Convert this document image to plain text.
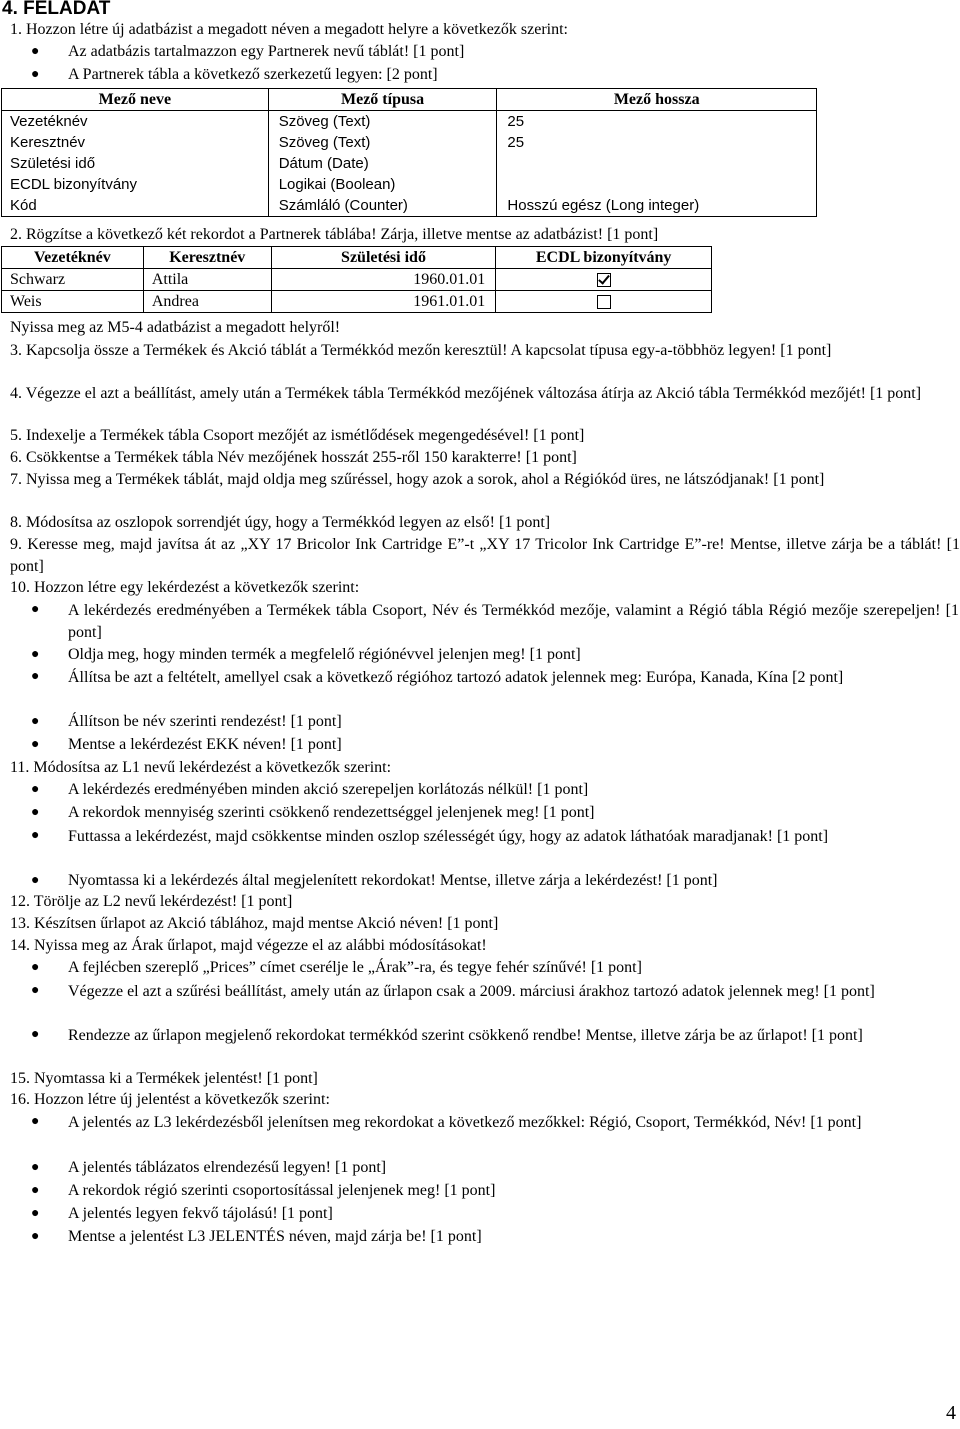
4. FELADAT
1. Hozzon létre új adatbázist a megadott néven a megadott helyre a következők szerint:
● Az adatbázis tartalmazzon egy Partnerek nevű táblát! [1 pont]
● A Partnerek tábla a következő szerkezetű legyen: [2 pont]
Mező neve	Mező típusa	Mező hossza
Vezetéknév	Szöveg (Text)	25
Keresztnév	Szöveg (Text)	25
Születési idő	Dátum (Date)	
ECDL bizonyítvány	Logikai (Boolean)	
Kód	Számláló (Counter)	Hosszú egész (Long integer)
2. Rögzítse a következő két rekordot a Partnerek táblába! Zárja, illetve mentse az adatbázist! [1 pont]
Vezetéknév	Keresztnév	Születési idő	ECDL bizonyítvány
Schwarz	Attila	1960.01.01	
Weis	Andrea	1961.01.01	
Nyissa meg az M5-4 adatbázist a megadott helyről!
3. Kapcsolja össze a Termékek és Akció táblát a Termékkód mezőn keresztül! A kapcsolat típusa egy-a-többhöz legyen! [1 pont]
4. Végezze el azt a beállítást, amely után a Termékek tábla Termékkód mezőjének változása átírja az Akció tábla Termékkód mezőjét! [1 pont]
5. Indexelje a Termékek tábla Csoport mezőjét az ismétlődések megengedésével! [1 pont]
6. Csökkentse a Termékek tábla Név mezőjének hosszát 255-ről 150 karakterre! [1 pont]
7. Nyissa meg a Termékek táblát, majd oldja meg szűréssel, hogy azok a sorok, ahol a Régiókód üres, ne látszódjanak! [1 pont]
8. Módosítsa az oszlopok sorrendjét úgy, hogy a Termékkód legyen az első! [1 pont]
9. Keresse meg, majd javítsa át az „XY 17 Bricolor Ink Cartridge E”-t „XY 17 Tricolor Ink Cartridge E”-re! Mentse, illetve zárja be a táblát! [1 pont]
10. Hozzon létre egy lekérdezést a következők szerint:
● A lekérdezés eredményében a Termékek tábla Csoport, Név és Termékkód mezője, valamint a Régió tábla Régió mezője szerepeljen! [1 pont]
● Oldja meg, hogy minden termék a megfelelő régiónévvel jelenjen meg! [1 pont]
● Állítsa be azt a feltételt, amellyel csak a következő régióhoz tartozó adatok jelennek meg: Európa, Kanada, Kína [2 pont]
● Állítson be név szerinti rendezést! [1 pont]
● Mentse a lekérdezést EKK néven! [1 pont]
11. Módosítsa az L1 nevű lekérdezést a következők szerint:
● A lekérdezés eredményében minden akció szerepeljen korlátozás nélkül! [1 pont]
● A rekordok mennyiség szerinti csökkenő rendezettséggel jelenjenek meg! [1 pont]
● Futtassa a lekérdezést, majd csökkentse minden oszlop szélességét úgy, hogy az adatok láthatóak maradjanak! [1 pont]
● Nyomtassa ki a lekérdezés által megjelenített rekordokat! Mentse, illetve zárja a lekérdezést! [1 pont]
12. Törölje az L2 nevű lekérdezést! [1 pont]
13. Készítsen űrlapot az Akció táblához, majd mentse Akció néven! [1 pont]
14. Nyissa meg az Árak űrlapot, majd végezze el az alábbi módosításokat!
● A fejlécben szereplő „Prices” címet cserélje le „Árak”-ra, és tegye fehér színűvé! [1 pont]
● Végezze el azt a szűrési beállítást, amely után az űrlapon csak a 2009. márciusi árakhoz tartozó adatok jelennek meg! [1 pont]
● Rendezze az űrlapon megjelenő rekordokat termékkód szerint csökkenő rendbe! Mentse, illetve zárja be az űrlapot! [1 pont]
15. Nyomtassa ki a Termékek jelentést! [1 pont]
16. Hozzon létre új jelentést a következők szerint:
● A jelentés az L3 lekérdezésből jelenítsen meg rekordokat a következő mezőkkel: Régió, Csoport, Termékkód, Név! [1 pont]
● A jelentés táblázatos elrendezésű legyen! [1 pont]
● A rekordok régió szerinti csoportosítással jelenjenek meg! [1 pont]
● A jelentés legyen fekvő tájolású! [1 pont]
● Mentse a jelentést L3 JELENTÉS néven, majd zárja be! [1 pont]
4
